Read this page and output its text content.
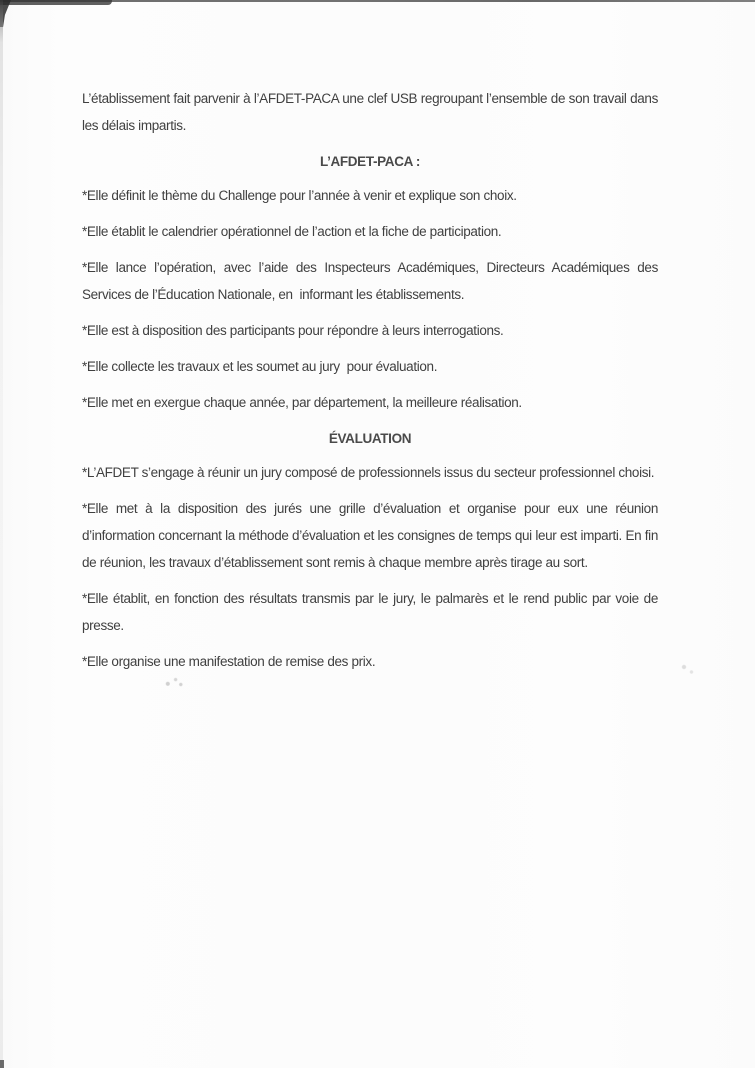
L’établissement fait parvenir à l’AFDET-PACA une clef USB regroupant l’ensemble de son travail dans les délais impartis.

L’AFDET-PACA :

*Elle définit le thème du Challenge pour l’année à venir et explique son choix.

*Elle établit le calendrier opérationnel de l’action et la fiche de participation.

*Elle lance l’opération, avec l’aide des Inspecteurs Académiques, Directeurs Académiques des Services de l’Éducation Nationale, en  informant les établissements.

*Elle est à disposition des participants pour répondre à leurs interrogations.

*Elle collecte les travaux et les soumet au jury  pour évaluation.

*Elle met en exergue chaque année, par département, la meilleure réalisation.

ÉVALUATION

*L’AFDET s’engage à réunir un jury composé de professionnels issus du secteur professionnel choisi.

*Elle met à la disposition des jurés une grille d’évaluation et organise pour eux une réunion d’information concernant la méthode d’évaluation et les consignes de temps qui leur est imparti. En fin de réunion, les travaux d’établissement sont remis à chaque membre après tirage au sort.

*Elle établit, en fonction des résultats transmis par le jury, le palmarès et le rend public par voie de presse.

*Elle organise une manifestation de remise des prix.
